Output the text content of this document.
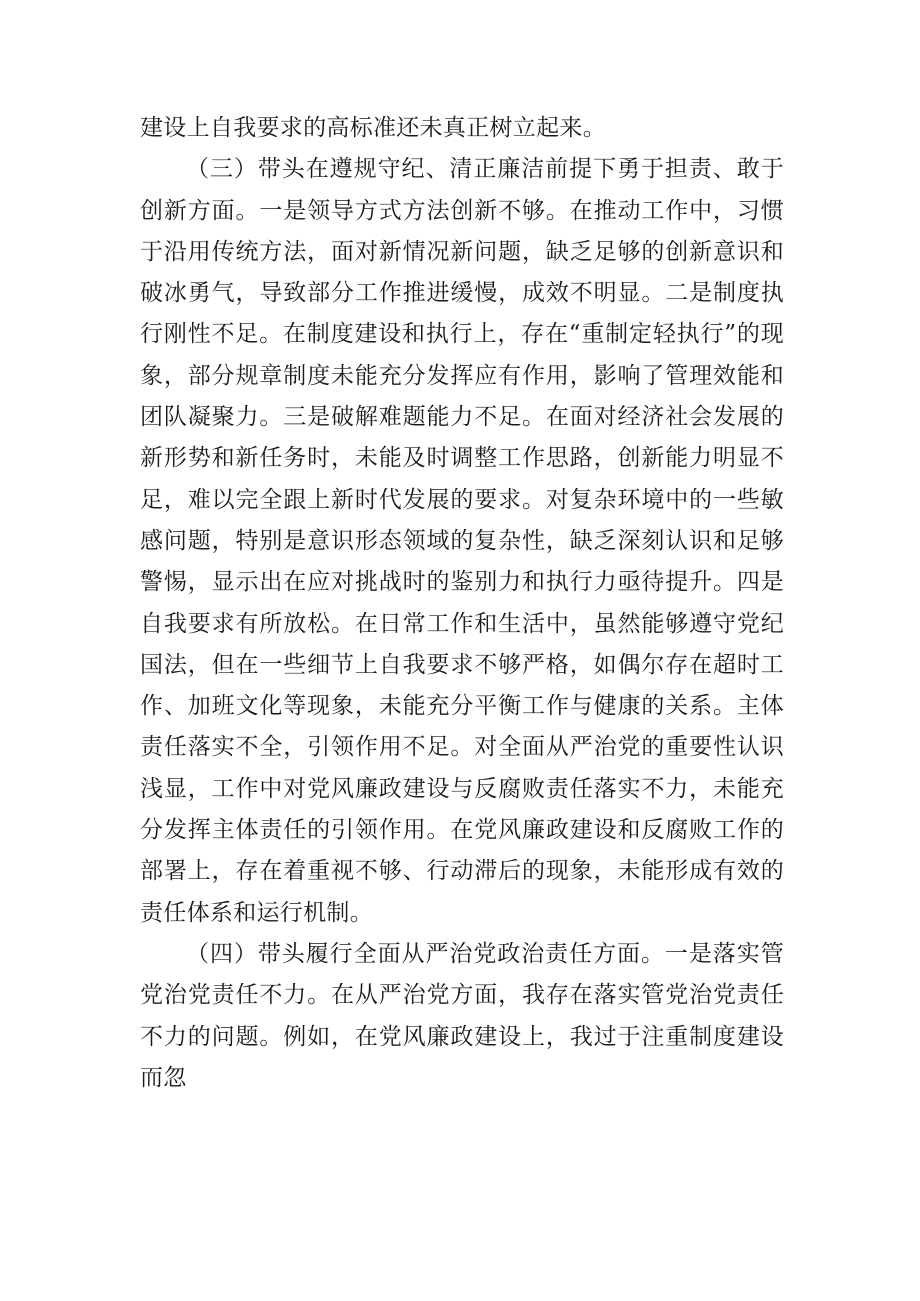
建设上自我要求的高标准还未真正树立起来。

（三）带头在遵规守纪、清正廉洁前提下勇于担责、敢于创新方面。一是领导方式方法创新不够。在推动工作中，习惯于沿用传统方法，面对新情况新问题，缺乏足够的创新意识和破冰勇气，导致部分工作推进缓慢，成效不明显。二是制度执行刚性不足。在制度建设和执行上，存在“重制定轻执行”的现象，部分规章制度未能充分发挥应有作用，影响了管理效能和团队凝聚力。三是破解难题能力不足。在面对经济社会发展的新形势和新任务时，未能及时调整工作思路，创新能力明显不足，难以完全跟上新时代发展的要求。对复杂环境中的一些敏感问题，特别是意识形态领域的复杂性，缺乏深刻认识和足够警惕，显示出在应对挑战时的鉴别力和执行力亟待提升。四是自我要求有所放松。在日常工作和生活中，虽然能够遵守党纪国法，但在一些细节上自我要求不够严格，如偶尔存在超时工作、加班文化等现象，未能充分平衡工作与健康的关系。主体责任落实不全，引领作用不足。对全面从严治党的重要性认识浅显，工作中对党风廉政建设与反腐败责任落实不力，未能充分发挥主体责任的引领作用。在党风廉政建设和反腐败工作的部署上，存在着重视不够、行动滞后的现象，未能形成有效的责任体系和运行机制。

（四）带头履行全面从严治党政治责任方面。一是落实管党治党责任不力。在从严治党方面，我存在落实管党治党责任不力的问题。例如，在党风廉政建设上，我过于注重制度建设而忽
